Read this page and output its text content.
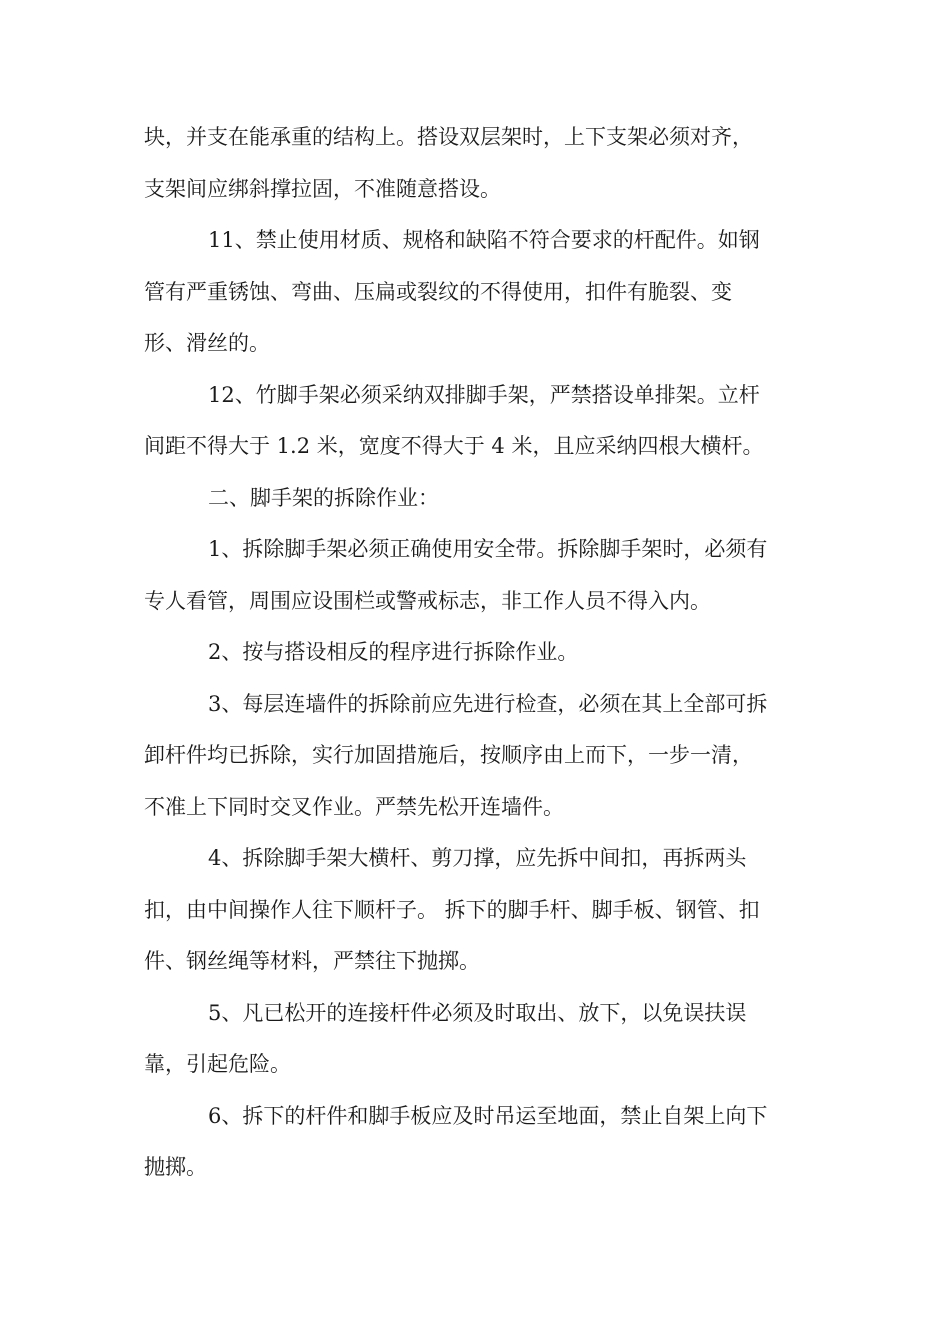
块，并支在能承重的结构上。搭设双层架时，上下支架必须对齐，
支架间应绑斜撑拉固，不准随意搭设。
11、禁止使用材质、规格和缺陷不符合要求的杆配件。如钢
管有严重锈蚀、弯曲、压扁或裂纹的不得使用，扣件有脆裂、变
形、滑丝的。
12、竹脚手架必须采纳双排脚手架，严禁搭设单排架。立杆
间距不得大于 1.2 米，宽度不得大于 4 米，且应采纳四根大横杆。
二、脚手架的拆除作业：
1、拆除脚手架必须正确使用安全带。拆除脚手架时，必须有
专人看管，周围应设围栏或警戒标志，非工作人员不得入内。
2、按与搭设相反的程序进行拆除作业。
3、每层连墙件的拆除前应先进行检查，必须在其上全部可拆
卸杆件均已拆除，实行加固措施后，按顺序由上而下，一步一清，
不准上下同时交叉作业。严禁先松开连墙件。
4、拆除脚手架大横杆、剪刀撑，应先拆中间扣，再拆两头
扣，由中间操作人往下顺杆子。 拆下的脚手杆、脚手板、钢管、扣
件、钢丝绳等材料，严禁往下抛掷。
5、凡已松开的连接杆件必须及时取出、放下，以免误扶误
靠，引起危险。
6、拆下的杆件和脚手板应及时吊运至地面，禁止自架上向下
抛掷。
